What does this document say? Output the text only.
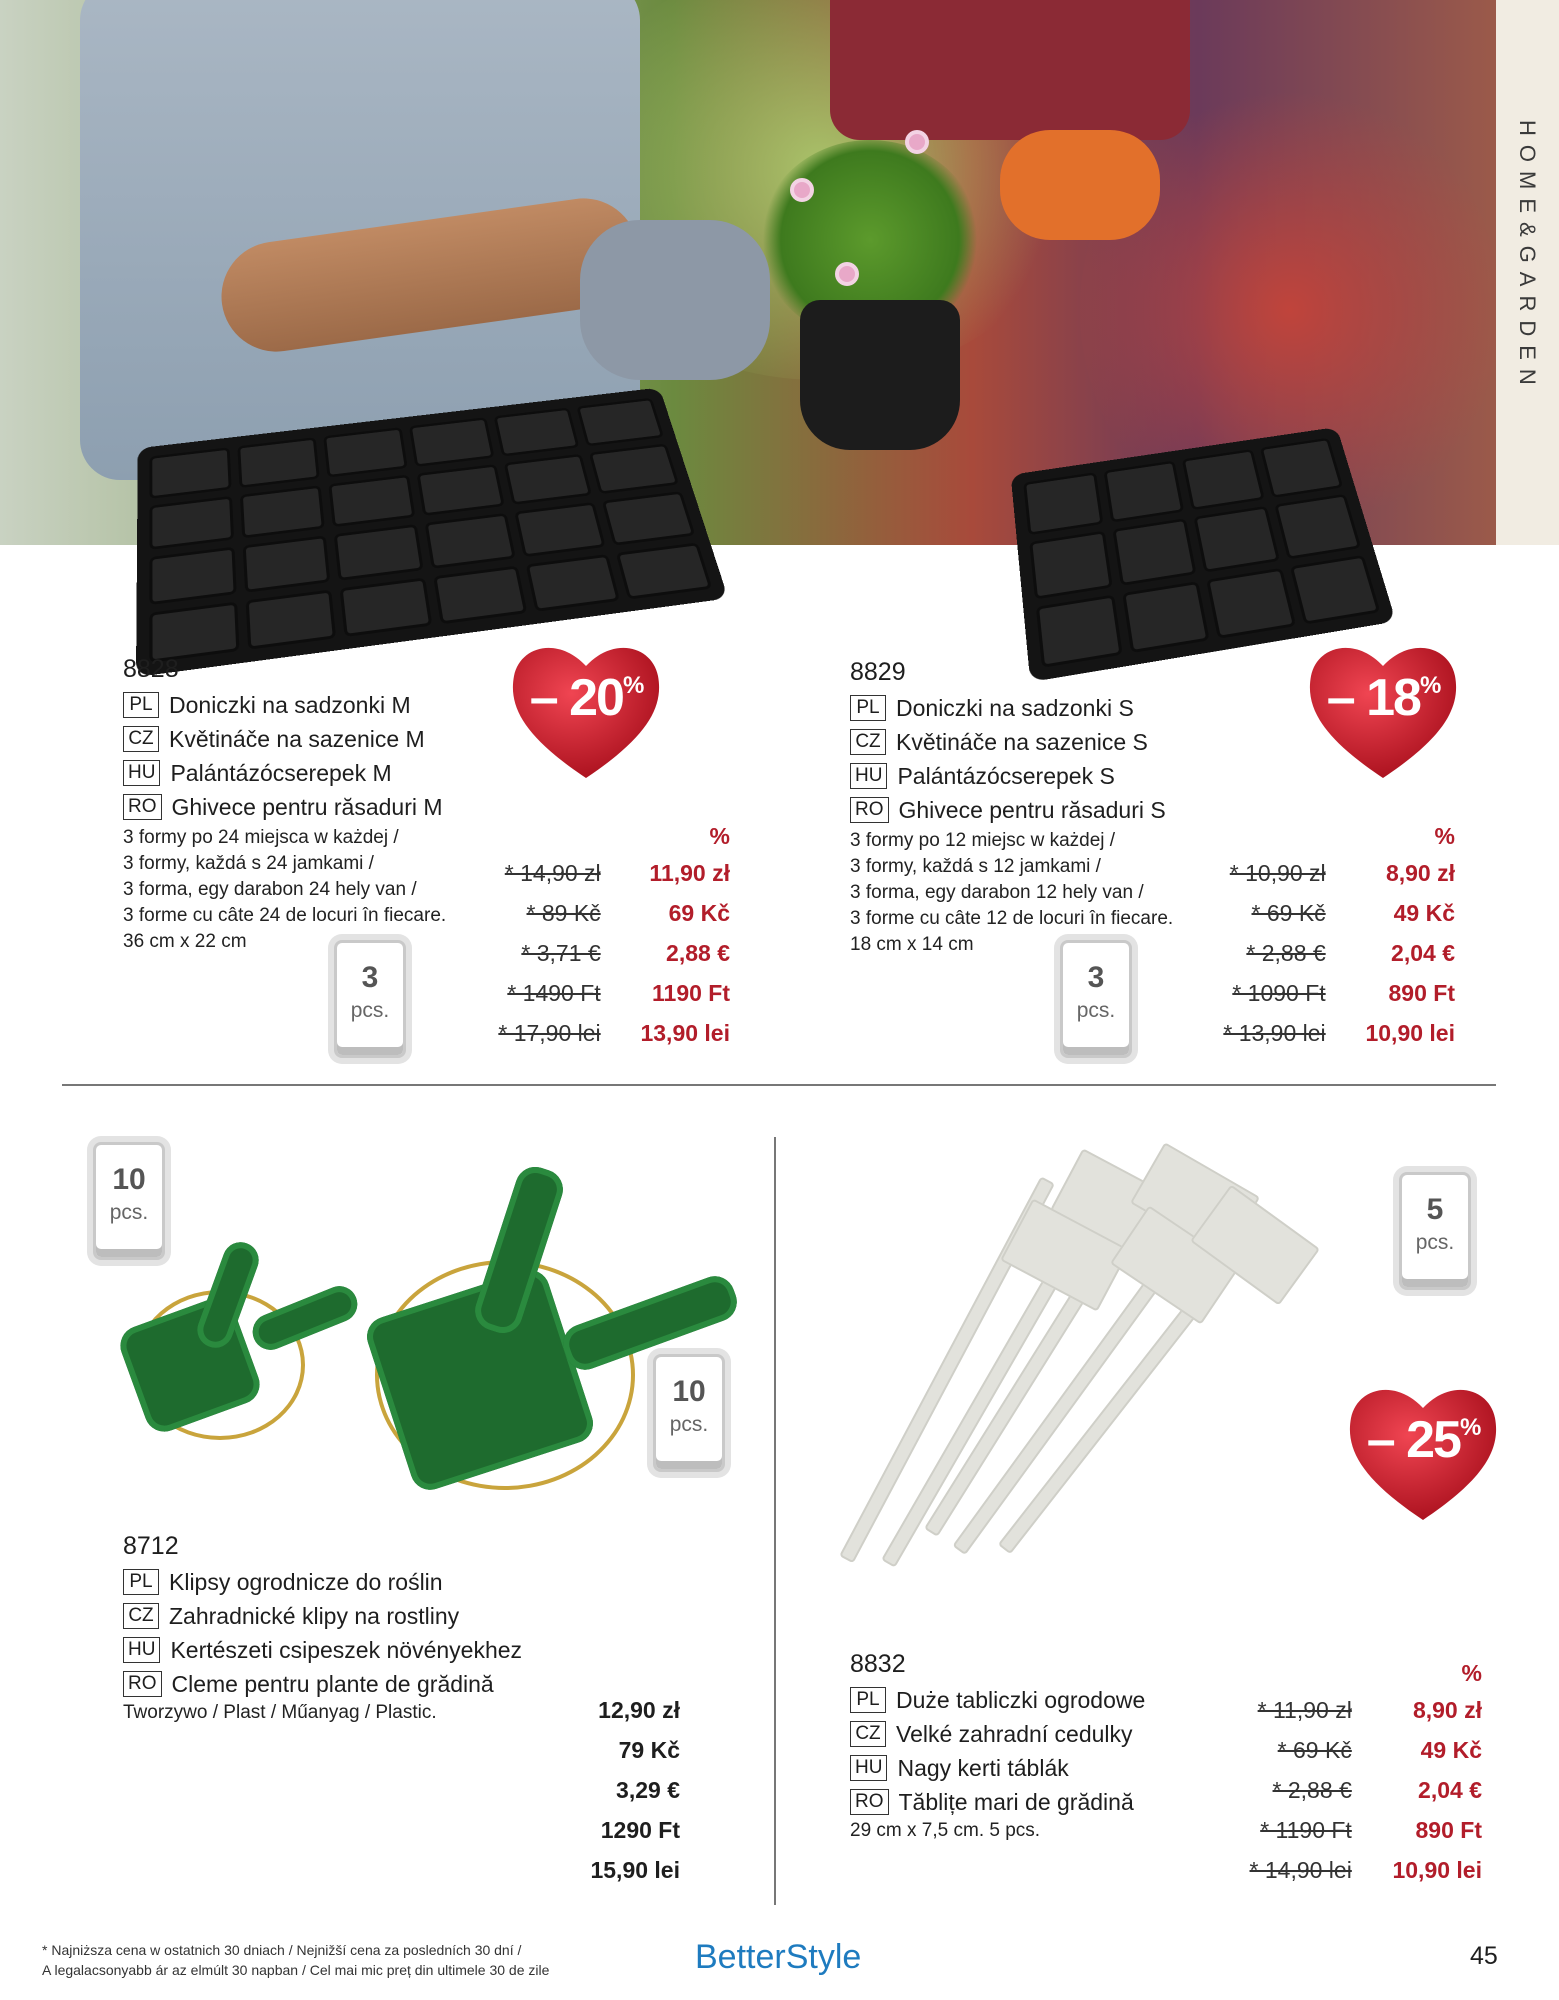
HOME&GARDEN
8828
PL Doniczki na sadzonki M
CZ Květináče na sazenice M
HU Palántázócserepek M
RO Ghivece pentru răsaduri M
3 formy po 24 miejsca w każdej /
3 formy, každá s 24 jamkami /
3 forma, egy darabon 24 hely van /
3 forme cu câte 24 de locuri în fiecare.
36 cm x 22 cm
3
pcs.
– 20%
%
* 14,90 zł	11,90 zł
* 89 Kč	69 Kč
* 3,71 €	2,88 €
* 1490 Ft	1190 Ft
* 17,90 lei 13,90 lei
8829
PL Doniczki na sadzonki S
CZ Květináče na sazenice S
HU Palántázócserepek S
RO Ghivece pentru răsaduri S
3 formy po 12 miejsc w każdej /
3 formy, každá s 12 jamkami /
3 forma, egy darabon 12 hely van /
3 forme cu câte 12 de locuri în fiecare.
18 cm x 14 cm
3
pcs.
– 18%
%
* 10,90 zł	8,90 zł
* 69 Kč	49 Kč
* 2,88 €	2,04 €
* 1090 Ft	890 Ft
* 13,90 lei 10,90 lei
10
pcs.
10
pcs.
8712
PL Klipsy ogrodnicze do roślin
CZ Zahradnické klipy na rostliny
HU Kertészeti csipeszek növényekhez
RO Cleme pentru plante de grădină
Tworzywo / Plast / Műanyag / Plastic.	12,90 zł
79 Kč
3,29 €
1290 Ft
15,90 lei
5
pcs.
– 25%
8832
PL Duże tabliczki ogrodowe
CZ Velké zahradní cedulky
HU Nagy kerti táblák
RO Tăblițe mari de grădină
29 cm x 7,5 cm. 5 pcs.
%
* 11,90 zł	8,90 zł
* 69 Kč	49 Kč
* 2,88 €	2,04 €
* 1190 Ft	890 Ft
* 14,90 lei 10,90 lei
* Najniższa cena w ostatnich 30 dniach / Nejnižší cena za posledních 30 dní /
A legalacsonyabb ár az elmúlt 30 napban / Cel mai mic preț din ultimele 30 de zile	BetterStyle	45
